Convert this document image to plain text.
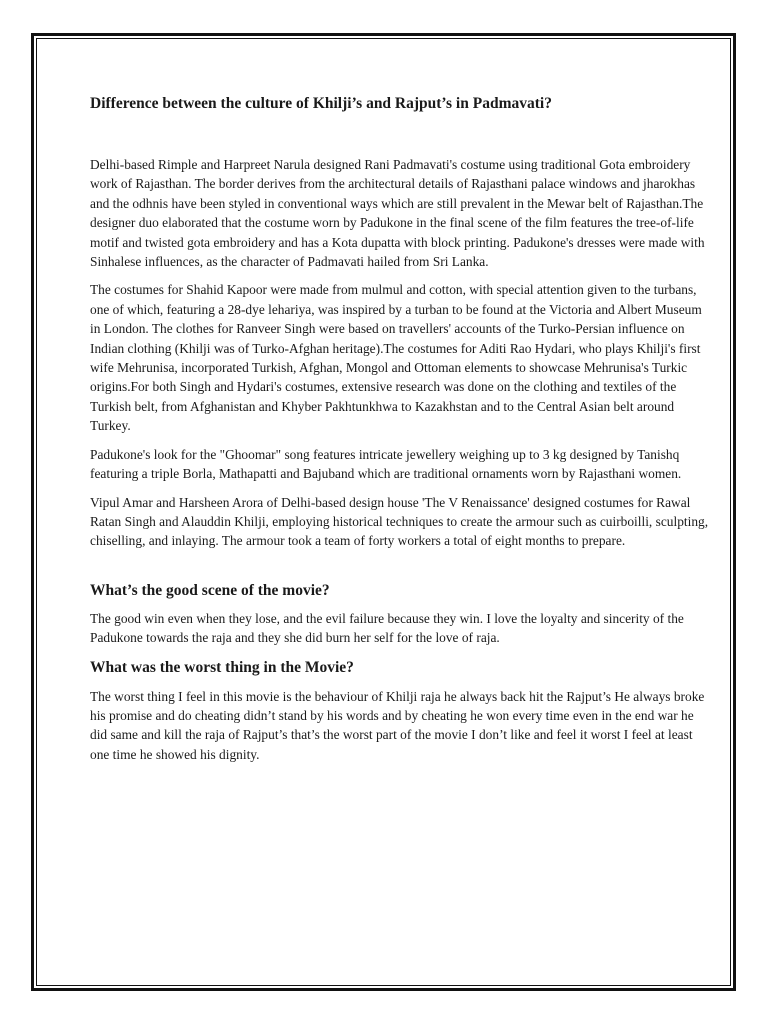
Difference between the culture of Khilji’s and Rajput’s in Padmavati?

Delhi-based Rimple and Harpreet Narula designed Rani Padmavati's costume using traditional Gota embroidery work of Rajasthan. The border derives from the architectural details of Rajasthani palace windows and jharokhas and the odhnis have been styled in conventional ways which are still prevalent in the Mewar belt of Rajasthan.The designer duo elaborated that the costume worn by Padukone in the final scene of the film features the tree-of-life motif and twisted gota embroidery and has a Kota dupatta with block printing. Padukone's dresses were made with Sinhalese influences, as the character of Padmavati hailed from Sri Lanka.

The costumes for Shahid Kapoor were made from mulmul and cotton, with special attention given to the turbans, one of which, featuring a 28-dye lehariya, was inspired by a turban to be found at the Victoria and Albert Museum in London. The clothes for Ranveer Singh were based on travellers' accounts of the Turko-Persian influence on Indian clothing (Khilji was of Turko-Afghan heritage).The costumes for Aditi Rao Hydari, who plays Khilji's first wife Mehrunisa, incorporated Turkish, Afghan, Mongol and Ottoman elements to showcase Mehrunisa's Turkic origins.For both Singh and Hydari's costumes, extensive research was done on the clothing and textiles of the Turkish belt, from Afghanistan and Khyber Pakhtunkhwa to Kazakhstan and to the Central Asian belt around Turkey.

Padukone's look for the "Ghoomar" song features intricate jewellery weighing up to 3 kg designed by Tanishq featuring a triple Borla, Mathapatti and Bajuband which are traditional ornaments worn by Rajasthani women.

Vipul Amar and Harsheen Arora of Delhi-based design house 'The V Renaissance' designed costumes for Rawal Ratan Singh and Alauddin Khilji, employing historical techniques to create the armour such as cuirboilli, sculpting, chiselling, and inlaying. The armour took a team of forty workers a total of eight months to prepare.

What’s the good scene of the movie?

The good win even when they lose, and the evil failure because they win. I love the loyalty and sincerity of the Padukone towards the raja and they she did burn her self for the love of raja.

What was the worst thing in the Movie?

The worst thing I feel in this movie is the behaviour of Khilji raja he always back hit the Rajput’s He always broke his promise and do cheating didn’t stand by his words and by cheating he won every time even in the end war he did same and kill the raja of Rajput’s that’s the worst part of the movie I don’t like and feel it worst I feel at least one time he showed his dignity.
